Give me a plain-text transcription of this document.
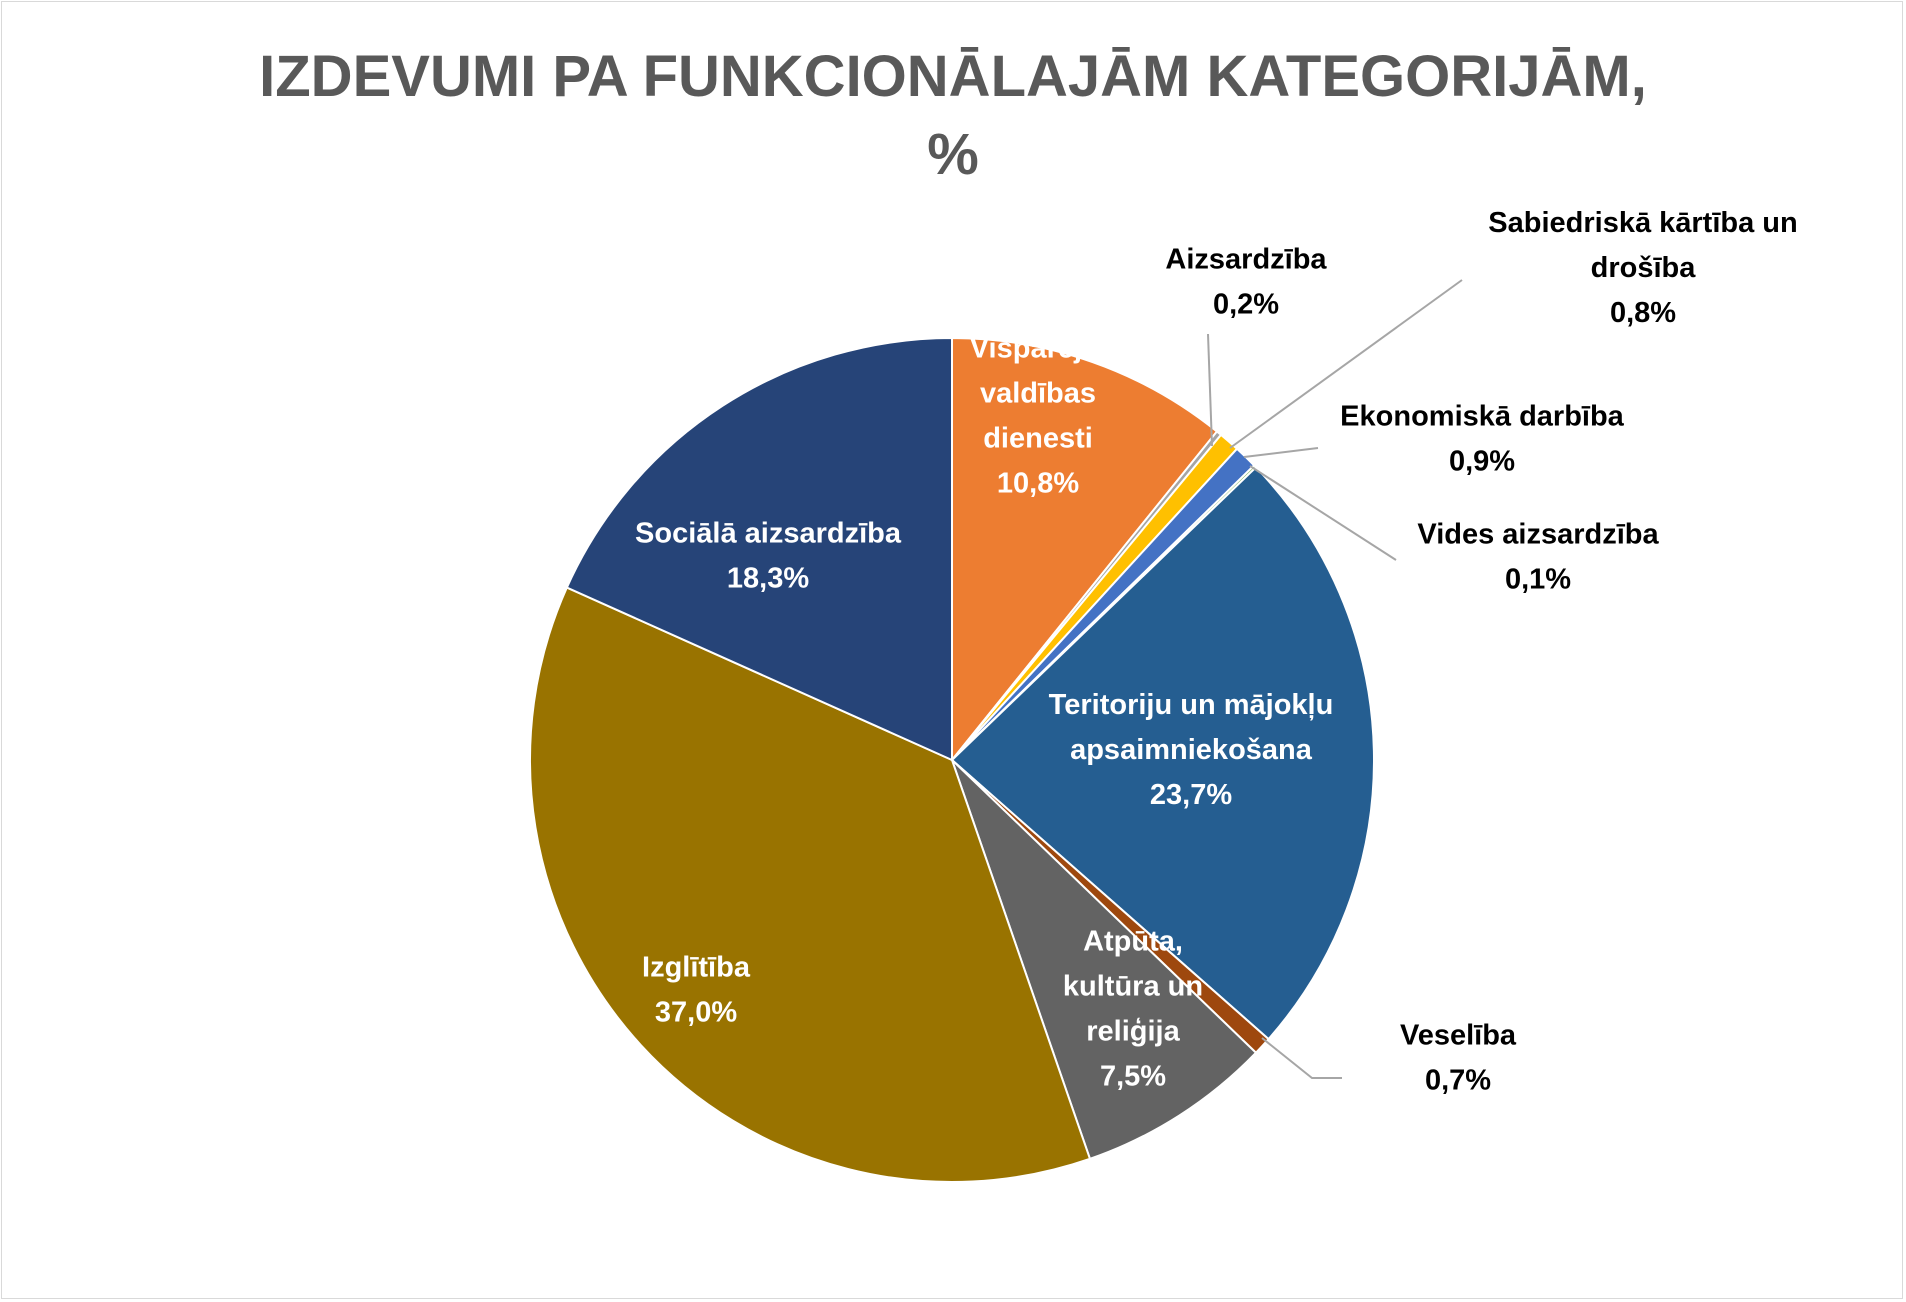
IZDEVUMI PA FUNKCIONĀLAJĀM KATEGORIJĀM,
%
Vispārējie valdības dienesti 10,8%
Aizsardzība 0,2%
Sabiedriskā kārtība un drošība 0,8%
Ekonomiskā darbība 0,9%
Vides aizsardzība 0,1%
Teritoriju un mājokļu apsaimniekošana 23,7%
Veselība 0,7%
Atpūta, kultūra un reliģija 7,5%
Izglītība 37,0%
Sociālā aizsardzība 18,3%
